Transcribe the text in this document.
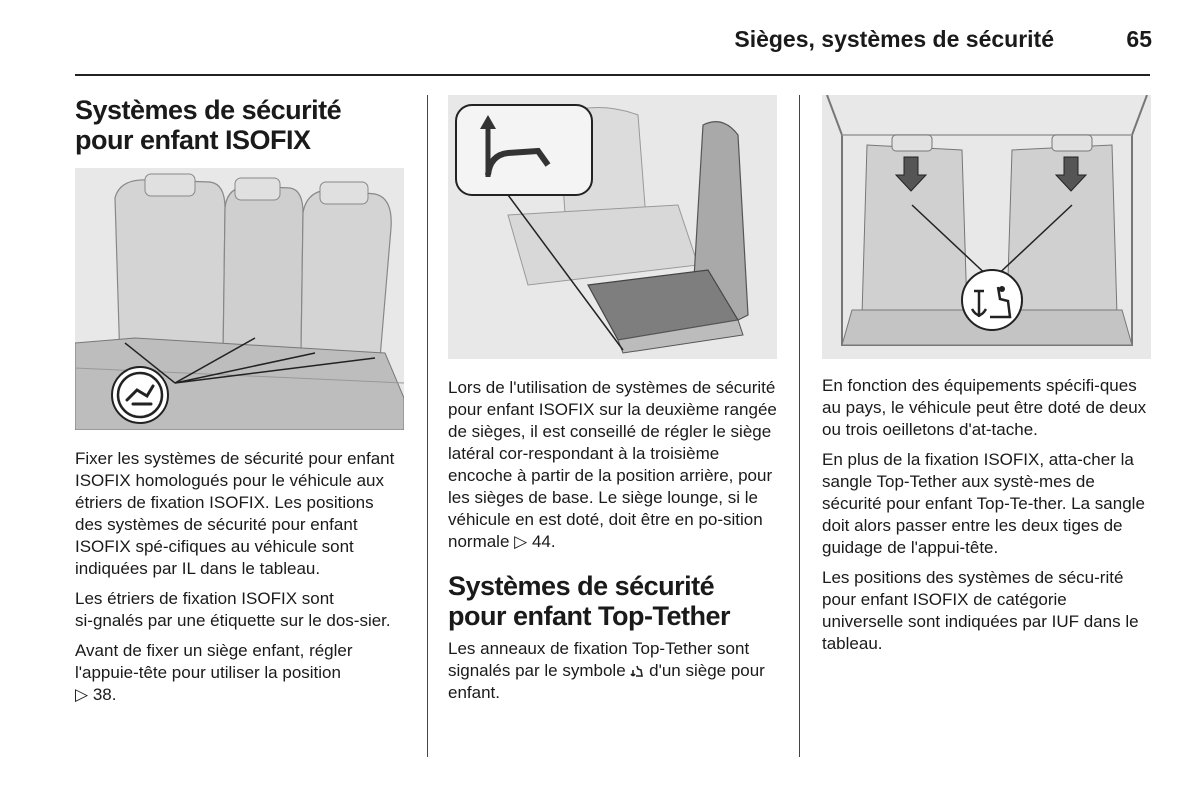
Sièges, systèmes de sécurité	65
Systèmes de sécurité pour enfant ISOFIX

Fixer les systèmes de sécurité pour enfant ISOFIX homologués pour le véhicule aux étriers de fixation ISOFIX. Les positions des systèmes de sécurité pour enfant ISOFIX spé‑cifiques au véhicule sont indiquées par IL dans le tableau.

Les étriers de fixation ISOFIX sont si‑gnalés par une étiquette sur le dos‑sier.

Avant de fixer un siège enfant, régler l'appuie-tête pour utiliser la position
▷ 38.

Lors de l'utilisation de systèmes de sécurité pour enfant ISOFIX sur la deuxième rangée de sièges, il est conseillé de régler le siège latéral cor‑respondant à la troisième encoche à partir de la position arrière, pour les sièges de base. Le siège lounge, si le véhicule en est doté, doit être en po‑sition normale ▷ 44.

Systèmes de sécurité pour enfant Top-Tether

Les anneaux de fixation Top-Tether sont signalés par le symbole d'un siège pour enfant.

En fonction des équipements spécifi‑ques au pays, le véhicule peut être doté de deux ou trois oeilletons d'at‑tache.

En plus de la fixation ISOFIX, atta‑cher la sangle Top-Tether aux systè‑mes de sécurité pour enfant Top-Te‑ther. La sangle doit alors passer entre les deux tiges de guidage de l'appui‑tête.

Les positions des systèmes de sécu‑rité pour enfant ISOFIX de catégorie universelle sont indiquées par IUF dans le tableau.
